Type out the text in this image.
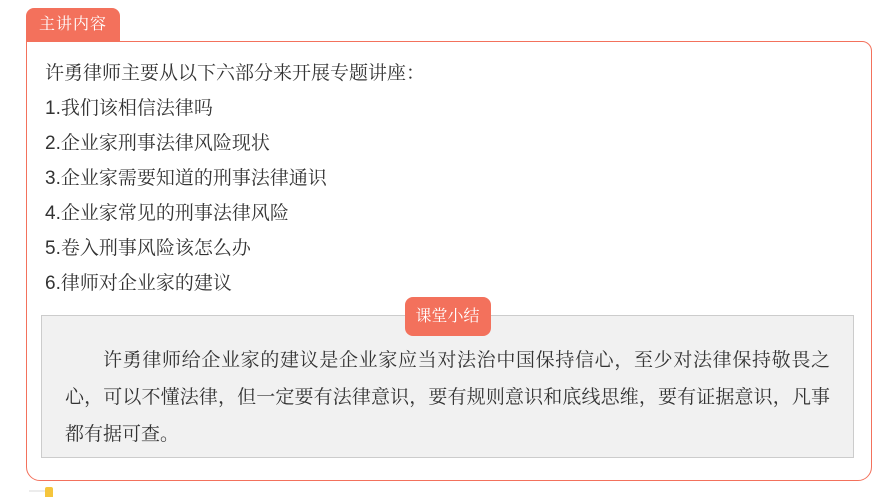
主讲内容
许勇律师主要从以下六部分来开展专题讲座：
1.我们该相信法律吗
2.企业家刑事法律风险现状
3.企业家需要知道的刑事法律通识
4.企业家常见的刑事法律风险
5.卷入刑事风险该怎么办
6.律师对企业家的建议
课堂小结

许勇律师给企业家的建议是企业家应当对法治中国保持信心，至少对法律保持敬畏之心，可以不懂法律，但一定要有法律意识，要有规则意识和底线思维，要有证据意识，凡事都有据可查。
